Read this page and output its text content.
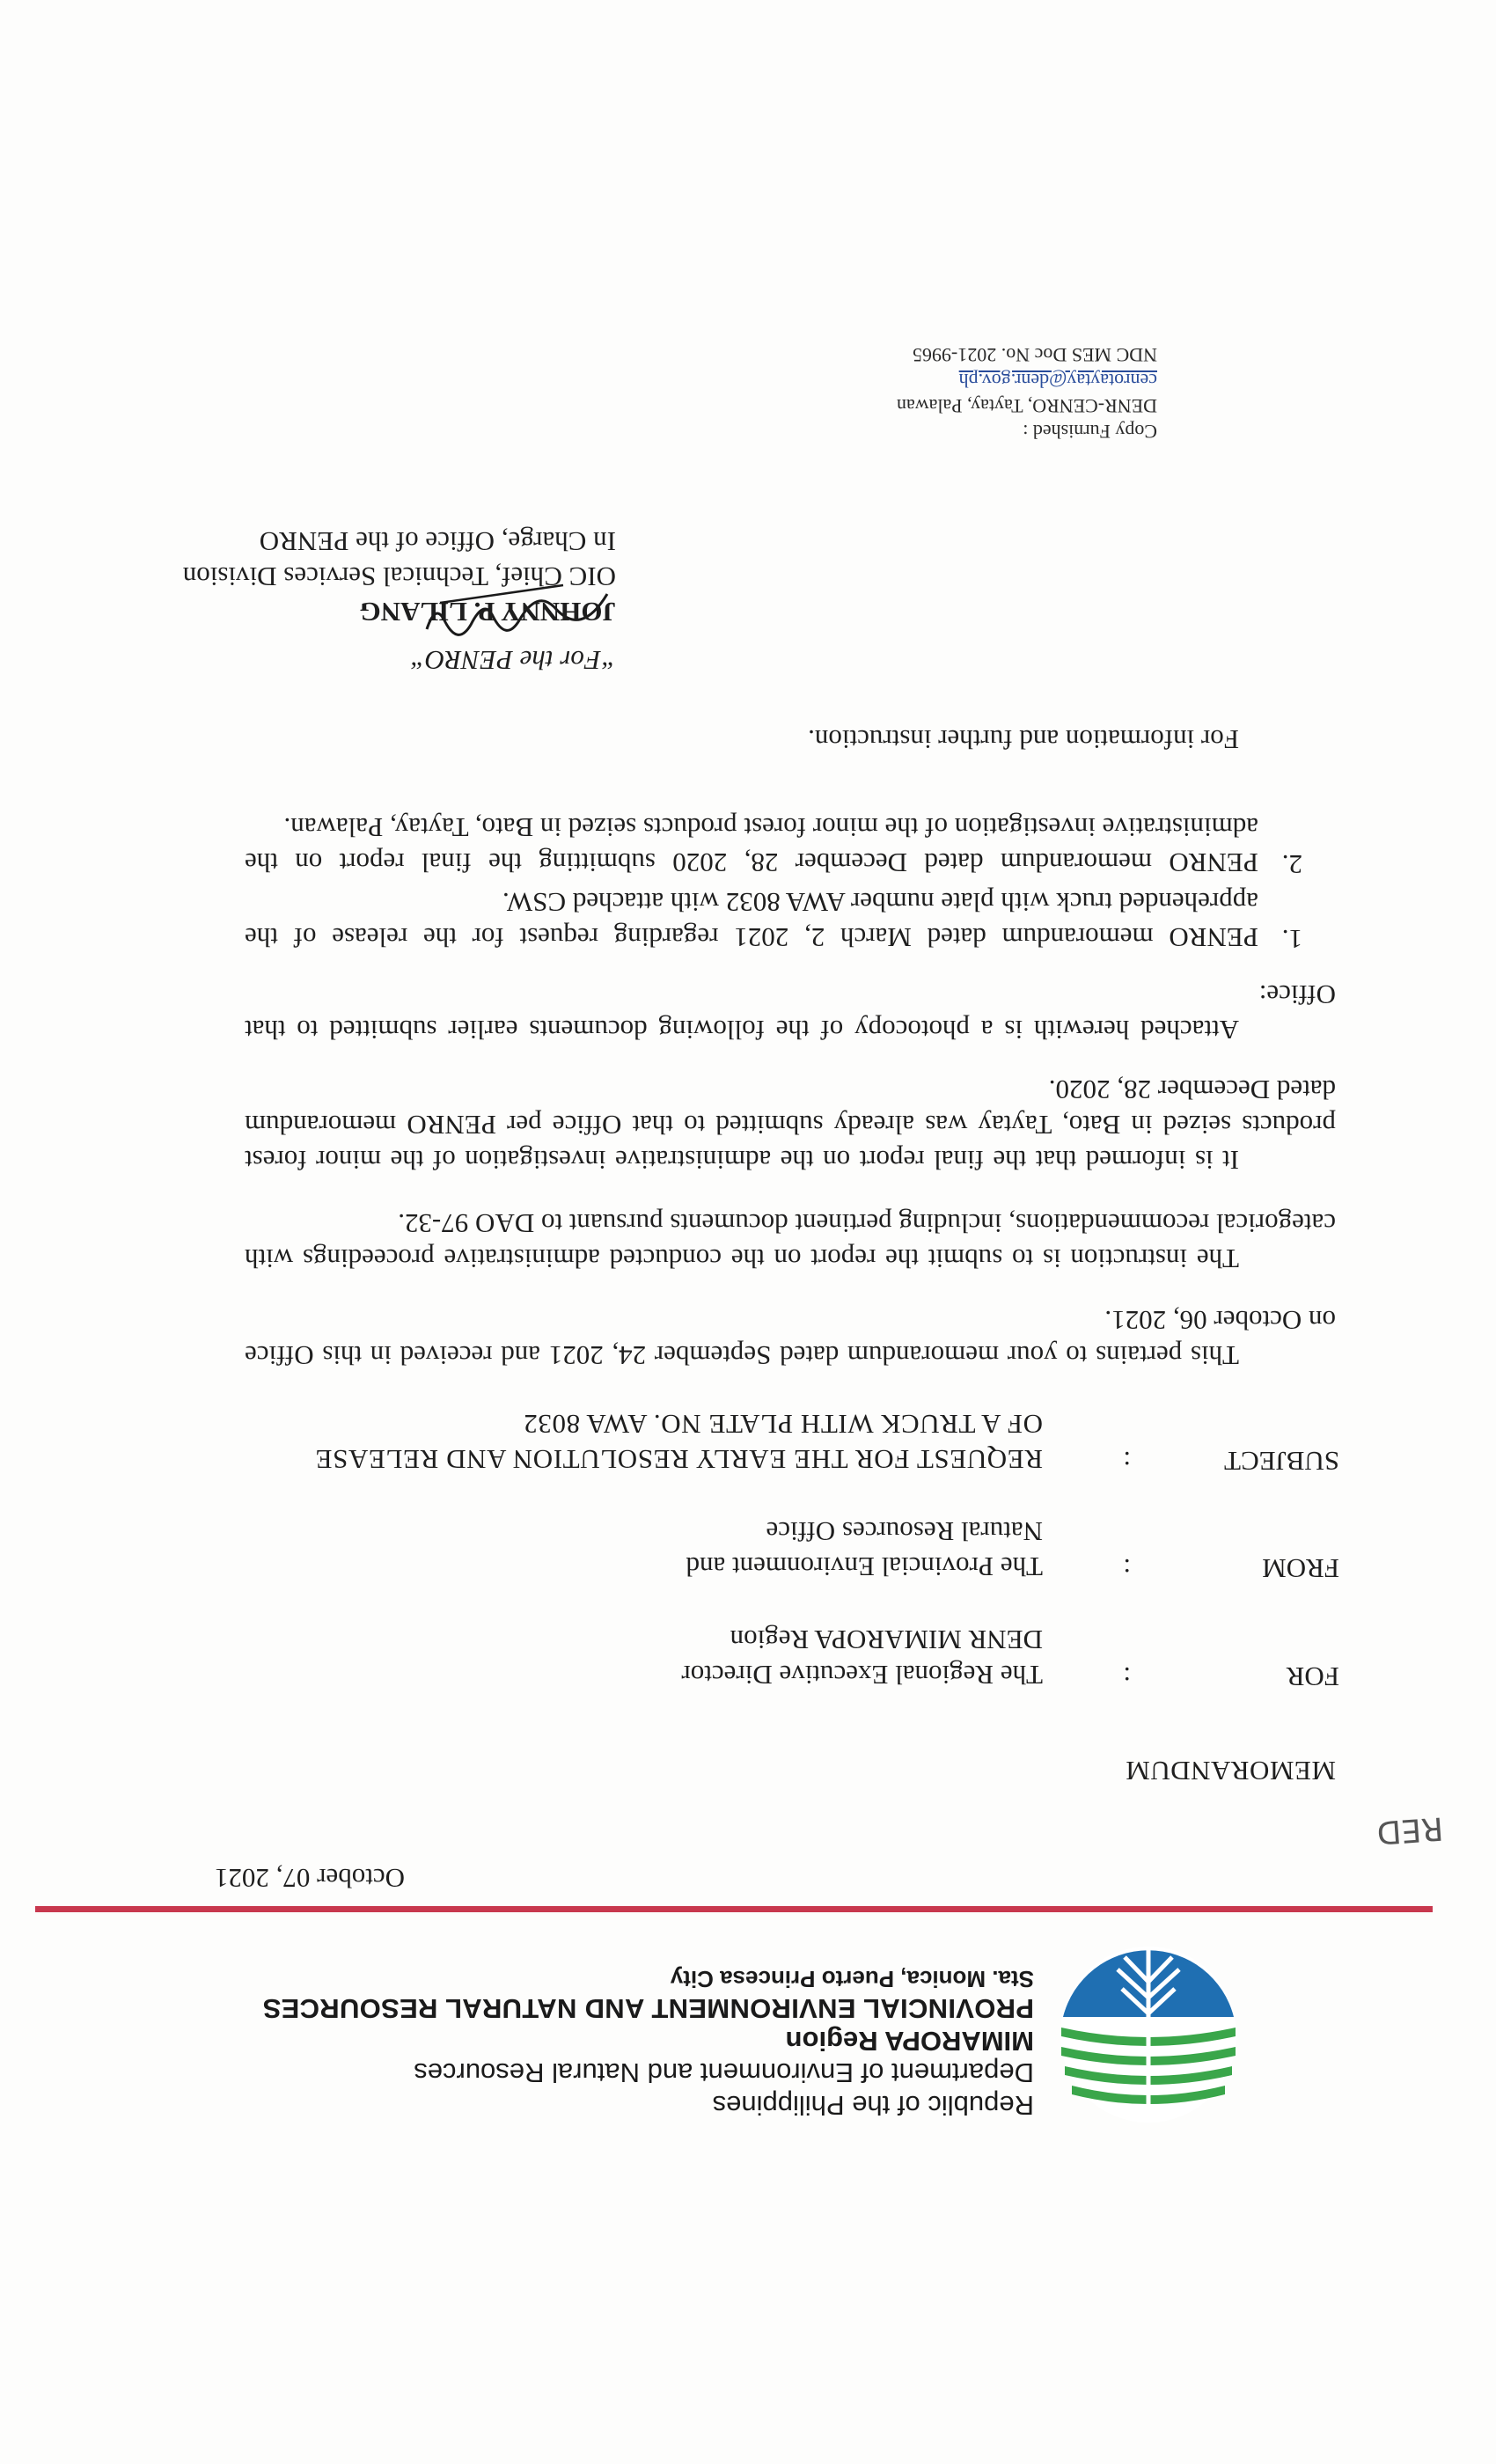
Republic of the Philippines
Department of Environment and Natural Resources
MIMAROPA Region
PROVINCIAL ENVIRONMENT AND NATURAL RESOURCES
Sta. Monica, Puerto Princesa City
October 07, 2021
RED
MEMORANDUM
FOR
:
The Regional Executive Director
DENR MIMAROPA Region
FROM
:
The Provincial Environment and
Natural Resources Office
SUBJECT
:
REQUEST FOR THE EARLY RESOLUTION AND RELEASE
OF A TRUCK WITH PLATE NO. AWA 8032
This pertains to your memorandum dated September 24, 2021 and received in this Office on October 06, 2021.
The instruction is to submit the report on the conducted administrative proceedings with categorical recommendations, including pertinent documents pursuant to DAO 97-32.
It is informed that the final report on the administrative investigation of the minor forest products seized in Bato, Taytay was already submitted to that Office per PENRO memorandum dated December 28, 2020.
Attached herewith is a photocopy of the following documents earlier submitted to that Office:
1.
PENRO memorandum dated March 2, 2021 regarding request for the release of the apprehended truck with plate number AWA 8032 with attached CSW.
2.
PENRO memorandum dated December 28, 2020 submitting the final report on the administrative investigation of the minor forest products seized in Bato, Taytay, Palawan.
For information and further instruction.
“For the PENRO“
JOHNNY P. LILANG
OIC Chief, Technical Services Division
In Charge, Office of the PENRO
Copy Furnished :
DENR-CENRO, Taytay, Palawan
cenrotaytay@denr.gov.ph
NDC MES Doc No. 2021-9965
